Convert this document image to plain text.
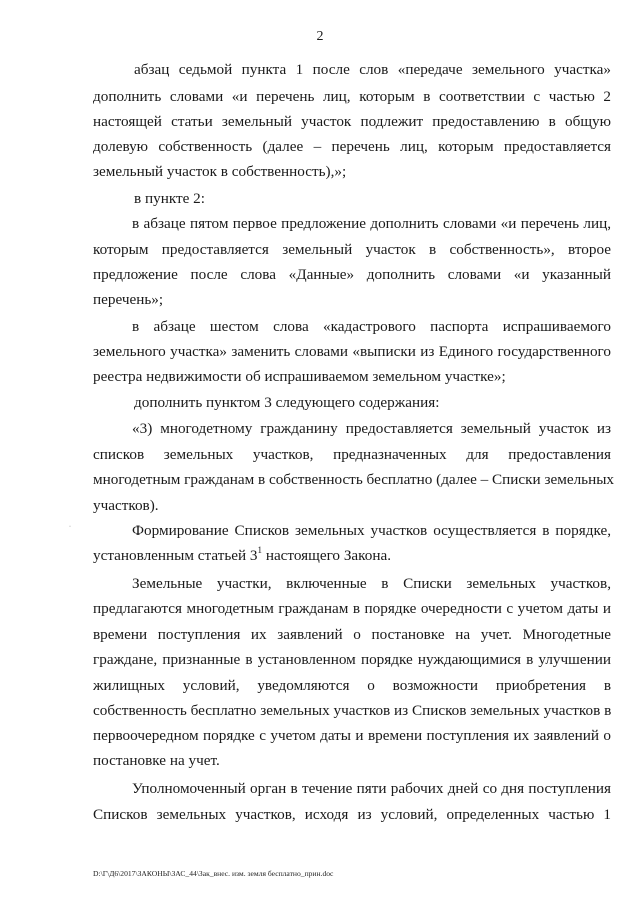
2
абзац седьмой пункта 1 после слов «передаче земельного участка»
дополнить словами «и перечень лиц, которым в соответствии с частью 2
настоящей статьи земельный участок подлежит предоставлению в общую
долевую собственность (далее – перечень лиц, которым предоставляется
земельный участок в собственность),»;
в пункте 2:
в абзаце пятом первое предложение дополнить словами «и перечень лиц,
которым предоставляется земельный участок в собственность», второе
предложение после слова «Данные» дополнить словами «и указанный
перечень»;
в абзаце шестом слова «кадастрового паспорта испрашиваемого
земельного участка» заменить словами «выписки из Единого государственного
реестра недвижимости об испрашиваемом земельном участке»;
дополнить пунктом 3 следующего содержания:
«3) многодетному гражданину предоставляется земельный участок из
списков земельных участков, предназначенных для предоставления
многодетным гражданам в собственность бесплатно (далее – Списки земельных
участков).
·	Формирование Списков земельных участков осуществляется в порядке,
установленным статьей $3^1$ настоящего Закона.
Земельные участки, включенные в Списки земельных участков,
предлагаются многодетным гражданам в порядке очередности с учетом даты и
времени поступления их заявлений о постановке на учет. Многодетные
граждане, признанные в установленном порядке нуждающимися в улучшении
жилищных условий, уведомляются о возможности приобретения в
собственность бесплатно земельных участков из Списков земельных участков в
первоочередном порядке с учетом даты и времени поступления их заявлений о
постановке на учет.
Уполномоченный орган в течение пяти рабочих дней со дня поступления
Списков земельных участков, исходя из условий, определенных частью 1
D:\Г\Д6\2017\ЗАКОНЫ\ЗАС_44\Зак_внес. изм. земля бесплатно_прин.doc
